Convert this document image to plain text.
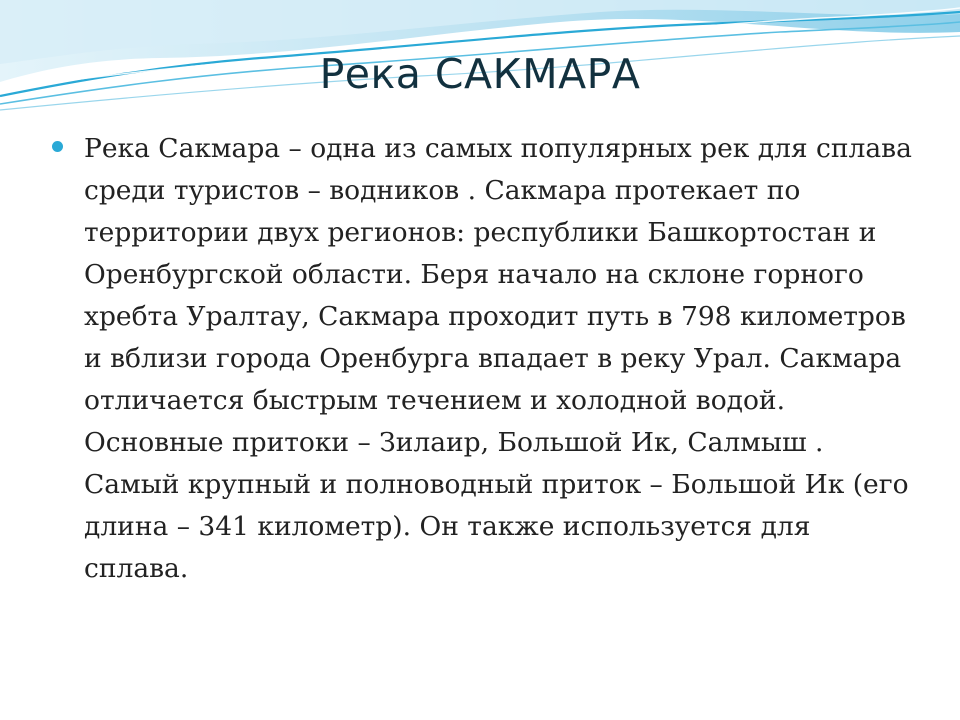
Река САКМАРА

Река Сакмара – одна из самых популярных рек для сплава среди туристов – водников . Сакмара протекает по территории двух регионов: республики Башкортостан и Оренбургской области. Беря начало на склоне горного хребта Уралтау, Сакмара проходит путь в 798 километров и вблизи города Оренбурга впадает в реку Урал. Сакмара отличается быстрым течением и холодной водой. Основные притоки – Зилаир, Большой Ик, Салмыш . Самый крупный и полноводный приток – Большой Ик (его длина – 341 километр). Он также используется для сплава.
